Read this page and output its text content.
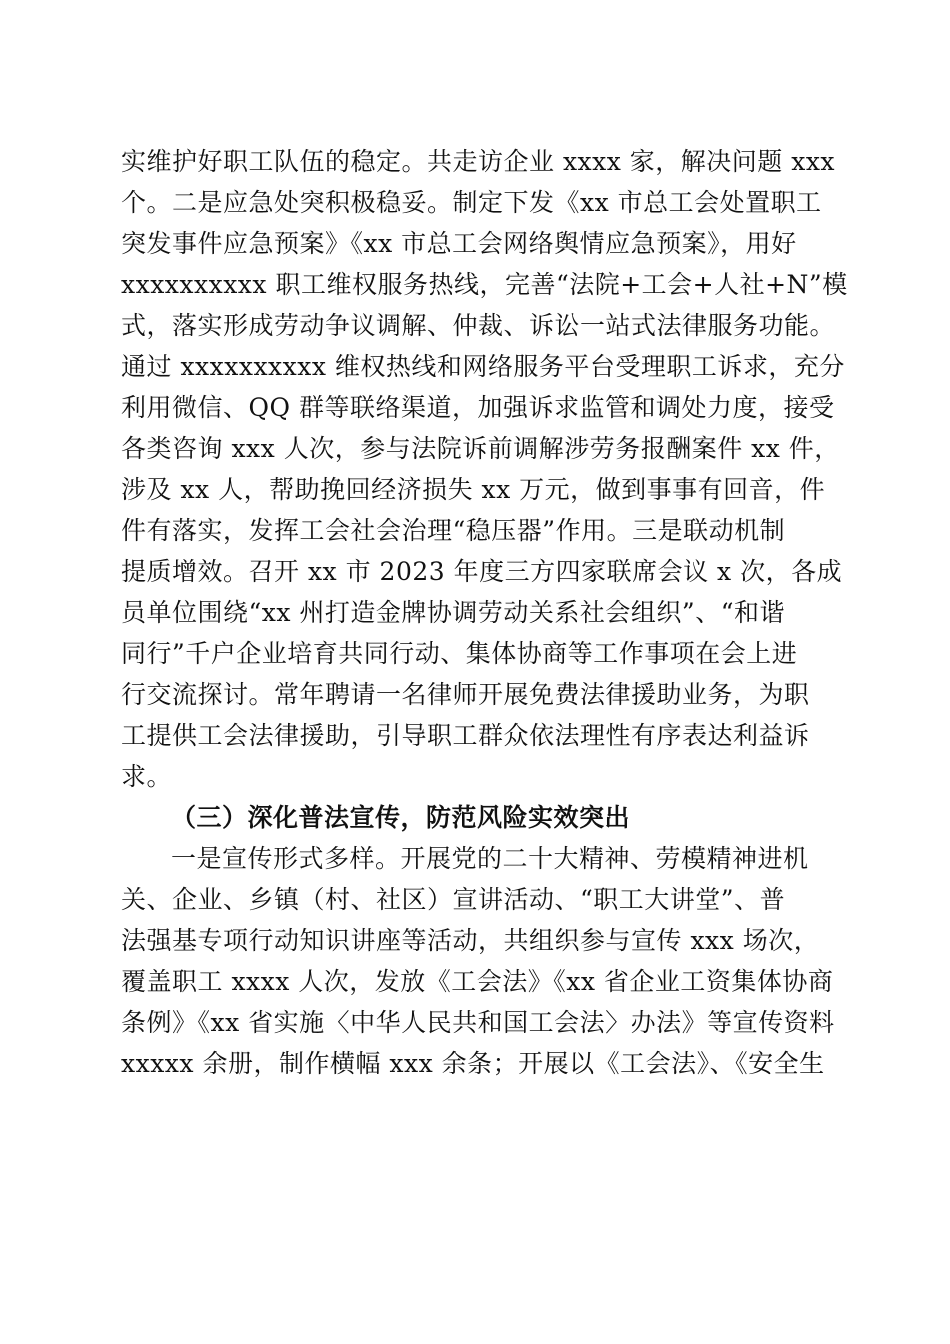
实维护好职工队伍的稳定。共走访企业 xxxx 家，解决问题 xxx
个。二是应急处突积极稳妥。制定下发《xx 市总工会处置职工
突发事件应急预案》《xx 市总工会网络舆情应急预案》，用好
xxxxxxxxxx 职工维权服务热线，完善“法院+工会+人社+N”模
式，落实形成劳动争议调解、仲裁、诉讼一站式法律服务功能。
通过 xxxxxxxxxx 维权热线和网络服务平台受理职工诉求，充分
利用微信、QQ 群等联络渠道，加强诉求监管和调处力度，接受
各类咨询 xxx 人次，参与法院诉前调解涉劳务报酬案件 xx 件，
涉及 xx 人，帮助挽回经济损失 xx 万元，做到事事有回音，件
件有落实，发挥工会社会治理“稳压器”作用。三是联动机制
提质增效。召开 xx 市 2023 年度三方四家联席会议 x 次，各成
员单位围绕“xx 州打造金牌协调劳动关系社会组织”、“和谐
同行”千户企业培育共同行动、集体协商等工作事项在会上进
行交流探讨。常年聘请一名律师开展免费法律援助业务，为职
工提供工会法律援助，引导职工群众依法理性有序表达利益诉
求。
（三）深化普法宣传，防范风险实效突出
一是宣传形式多样。开展党的二十大精神、劳模精神进机
关、企业、乡镇（村、社区）宣讲活动、“职工大讲堂”、普
法强基专项行动知识讲座等活动，共组织参与宣传 xxx 场次，
覆盖职工 xxxx 人次，发放《工会法》《xx 省企业工资集体协商
条例》《xx 省实施〈中华人民共和国工会法〉办法》等宣传资料
xxxxx 余册，制作横幅 xxx 余条；开展以《工会法》、《安全生
